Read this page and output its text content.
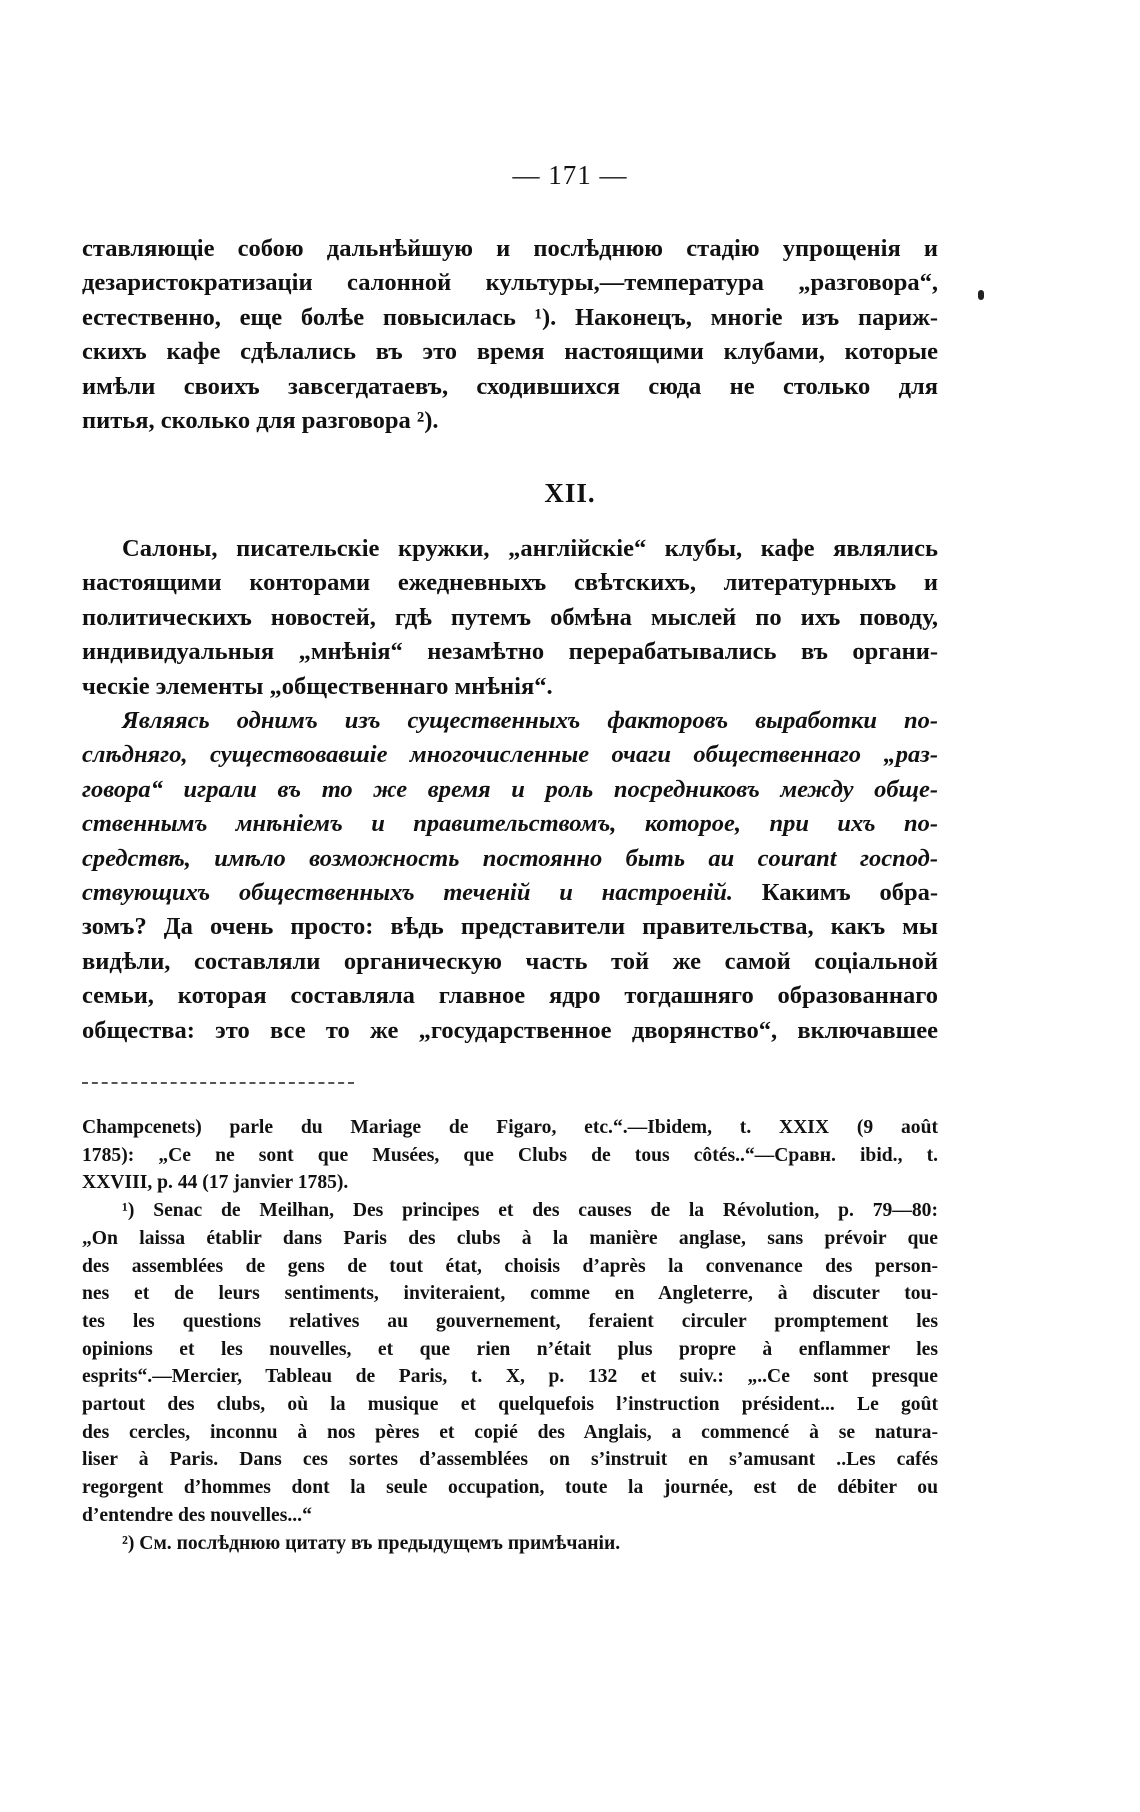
— 171 —
ставляющіе собою дальнѣйшую и послѣднюю стадію упрощенія и
дезаристократизаціи салонной культуры,—температура „разговора“,
естественно, еще болѣе повысилась ¹). Наконецъ, многіе изъ париж-
скихъ кафе сдѣлались въ это время настоящими клубами, которые
имѣли своихъ завсегдатаевъ, сходившихся сюда не столько для
питья, сколько для разговора ²).
XII.
Салоны, писательскіе кружки, „англійскіе“ клубы, кафе являлись
настоящими конторами ежедневныхъ свѣтскихъ, литературныхъ и
политическихъ новостей, гдѣ путемъ обмѣна мыслей по ихъ поводу,
индивидуальныя „мнѣнія“ незамѣтно перерабатывались въ органи-
ческіе элементы „общественнаго мнѣнія“.
Являясь однимъ изъ существенныхъ факторовъ выработки по-
слѣдняго, существовавшіе многочисленные очаги общественнаго „раз-
говора“ играли въ то же время и роль посредниковъ между обще-
ственнымъ мнѣніемъ и правительствомъ, которое, при ихъ по-
средствѣ, имѣло возможность постоянно быть au courant господ-
ствующихъ общественныхъ теченій и настроеній. Какимъ обра-
зомъ? Да очень просто: вѣдь представители правительства, какъ мы
видѣли, составляли органическую часть той же самой соціальной
семьи, которая составляла главное ядро тогдашняго образованнаго
общества: это все то же „государственное дворянство“, включавшее
Champcenets) parle du Mariage de Figaro, etc.“.—Ibidem, t. XXIX (9 août
1785): „Ce ne sont que Musées, que Clubs de tous côtés..“—Сравн. ibid., t.
XXVIII, p. 44 (17 janvier 1785).
¹) Senac de Meilhan, Des principes et des causes de la Révolution, p. 79—80:
„On laissa établir dans Paris des clubs à la manière anglase, sans prévoir que
des assemblées de gens de tout état, choisis d’après la convenance des person-
nes et de leurs sentiments, inviteraient, comme en Angleterre, à discuter tou-
tes les questions relatives au gouvernement, feraient circuler promptement les
opinions et les nouvelles, et que rien n’était plus propre à enflammer les
esprits“.—Mercier, Tableau de Paris, t. X, p. 132 et suiv.: „..Ce sont presque
partout des clubs, où la musique et quelquefois l’instruction président... Le goût
des cercles, inconnu à nos pères et copié des Anglais, a commencé à se natura-
liser à Paris. Dans ces sortes d’assemblées on s’instruit en s’amusant ..Les cafés
regorgent d’hommes dont la seule occupation, toute la journée, est de débiter ou
d’entendre des nouvelles...“
²) См. послѣднюю цитату въ предыдущемъ примѣчаніи.
